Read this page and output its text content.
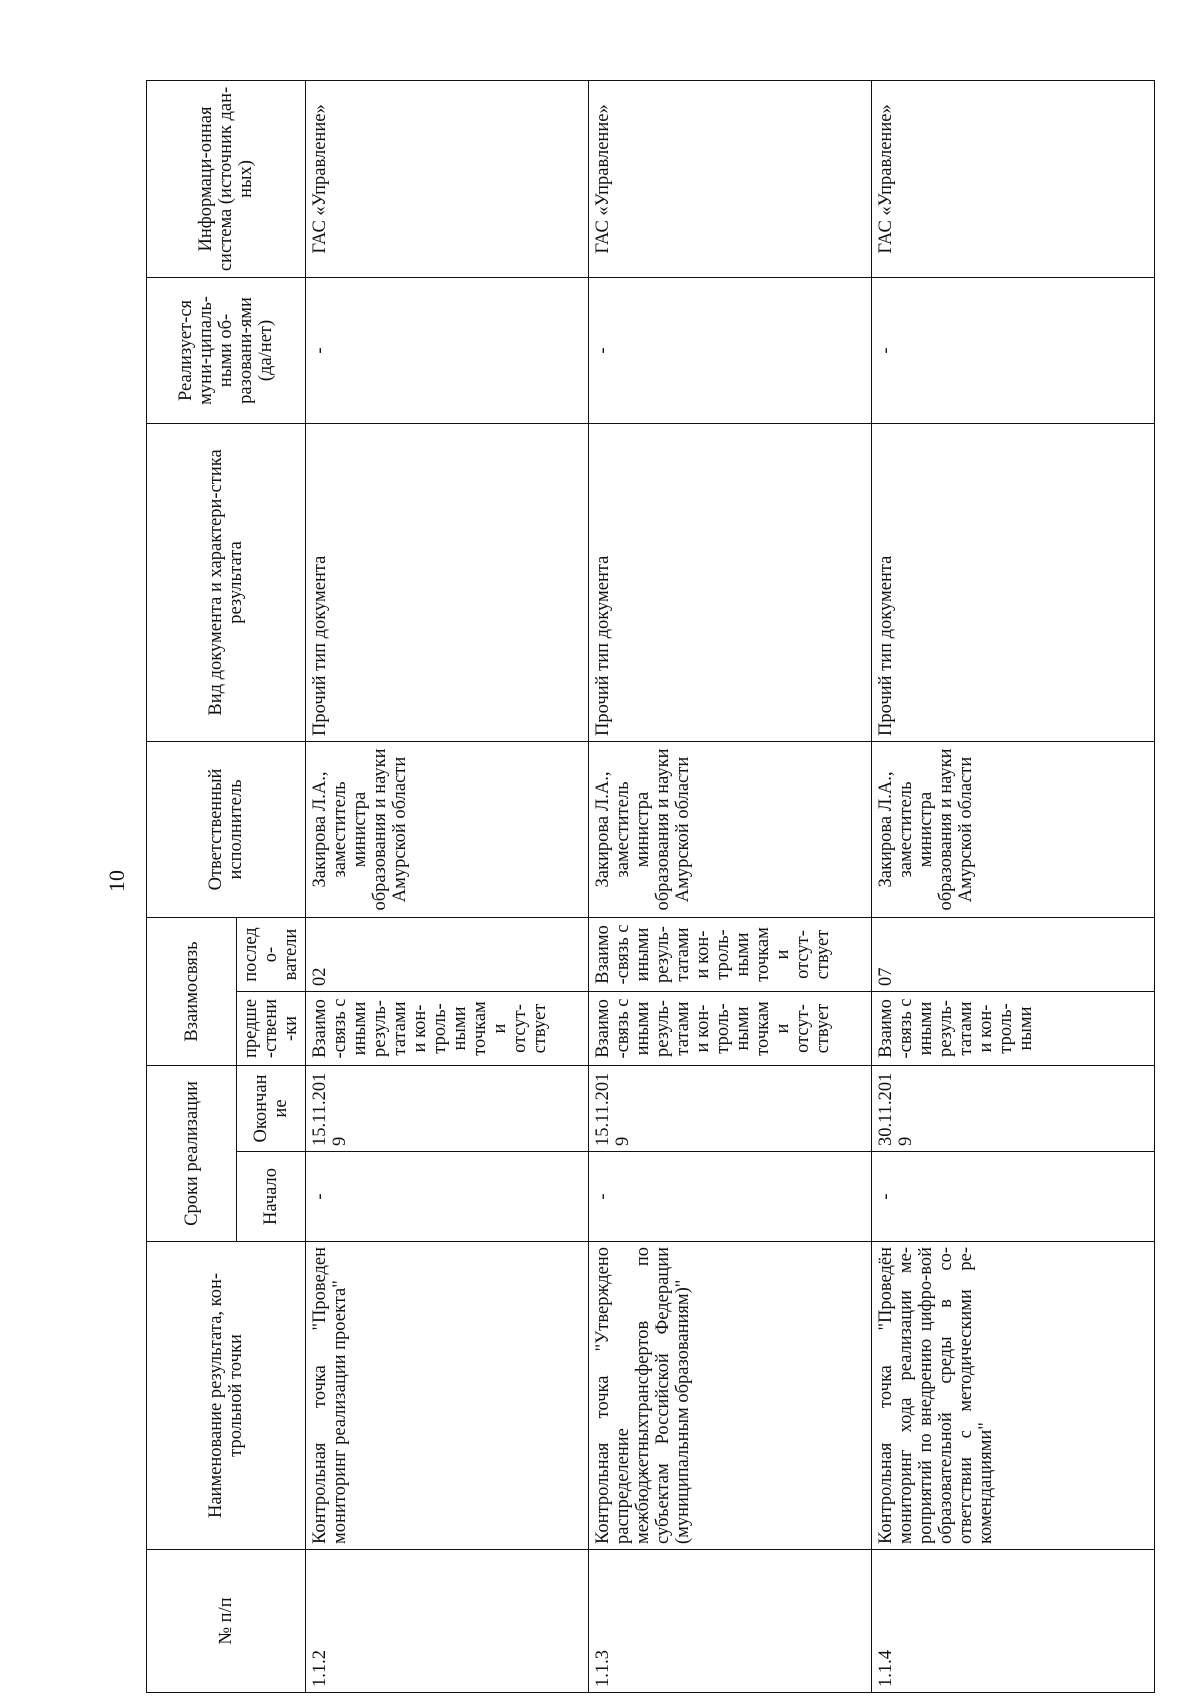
10
№ п/п	Наименование результата, кон-трольной точки	Сроки реализации		Взаимосвязь		Ответственный исполнитель	Вид документа и характери-стика результата	Реализует-ся муни-ципаль-ными об-разовани-ями (да/нет)	Информаци-онная система (источник дан-ных)
		Начало	Окончание	предше-ствени-ки	последо-ватели				
1.1.2	Контрольная точка "Проведен мониторинг реализации проекта"	-	15.11.2019	Взаимо-связь с иными резуль-татами и кон-троль-ными точками отсут-ствует	02	Закирова Л.А., заместитель министра образования и науки Амурской области	Прочий тип документа	-	ГАС «Управление»
1.1.3	Контрольная точка "Утверждено распределение межбюджетныхтрансфертов по субъектам Российской Федерации (муниципальным образованиям)"	-	15.11.2019	Взаимо-связь с иными резуль-татами и кон-троль-ными точками отсут-ствует	Взаимо-связь с иными резуль-татами и кон-троль-ными точками отсут-ствует	Закирова Л.А., заместитель министра образования и науки Амурской области	Прочий тип документа	-	ГАС «Управление»
1.1.4	Контрольная точка "Проведён мониторинг хода реализации ме-роприятий по внедрению цифро-вой образовательной среды в со-ответствии с методическими ре-комендациями"	-	30.11.2019	Взаимо-связь с иными резуль-татами и кон-троль-ными	07	Закирова Л.А., заместитель министра образования и науки Амурской области	Прочий тип документа	-	ГАС «Управление»
